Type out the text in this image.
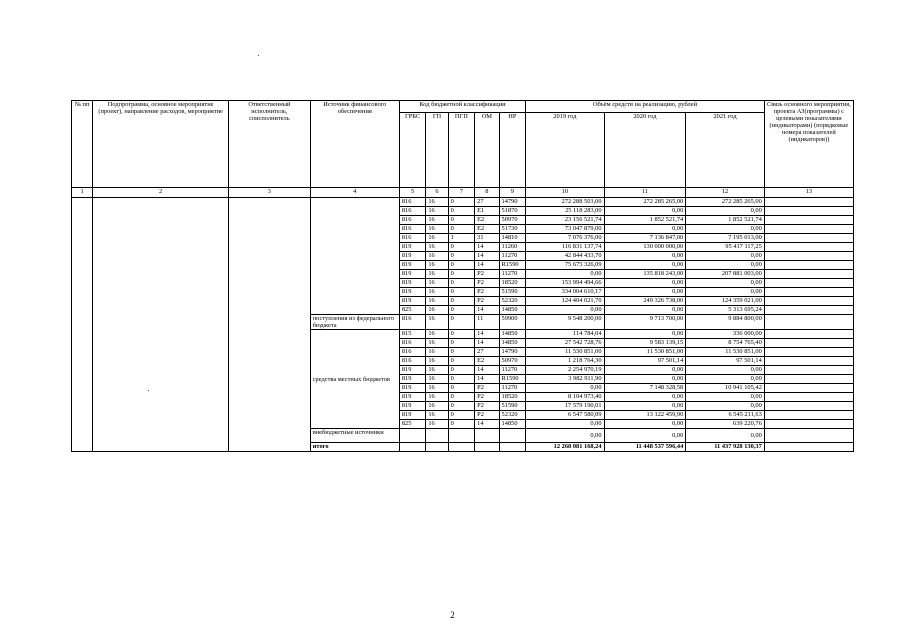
№ пп	Подпрограмма, основное мероприятие (проект), направление расходов, мероприятие	Ответственный исполнитель, соисполнитель	Источник финансового обеспечения	Код бюджетной классификации					Объём средств на реализацию, рублей			Связь основного мероприятия, проекта АЗ(программы) с целевыми показателями (индикаторами) (порядковые номера показателей (индикаторов))
				ГРБС	ГП	ПГП	ОМ	НР	2019 год	2020 год	2021 год	
1	2	3	4	5	6	7	8	9	10	11	12	13
				816	16	0	27	14790	272 288 503,00	272 285 265,00	272 285 265,00	
				816	16	0	E1	51870	25 118 283,00	0,00	0,00	
				816	16	0	E2	50970	23 156 521,74	1 852 521,74	1 852 521,74	
				816	16	0	E2	51730	73 047 879,00	0,00	0,00	
				816	16	1	31	14810	7 076 376,00	7 136 847,00	7 195 013,00	
				819	16	0	14	11260	116 831 137,74	130 000 000,00	95 417 117,25	
				819	16	0	14	11270	42 844 433,70	0,00	0,00	
				819	16	0	14	R1590	75 675 326,09	0,00	0,00	
				819	16	0	P2	11270	0,00	135 818 243,00	207 881 003,00	
				819	16	0	P2	18520	153 994 494,66	0,00	0,00	
				819	16	0	P2	51590	334 004 610,17	0,00	0,00	
				819	16	0	P2	52320	124 404 021,70	249 326 738,00	124 359 021,00	
				825	16	0	14	14850	0,00	0,00	5 313 695,24	
			поступления из федерального бюджета	816	16	0	11	59900	9 548 200,00	9 713 700,00	9 884 800,00	
			средства местных бюджетов	815	16	0	14	14850	114 784,04	0,00	336 000,00	
				816	16	0	14	14850	27 542 728,76	9 583 139,15	8 754 765,40	
				816	16	0	27	14790	11 530 851,00	11 530 851,00	11 530 851,00	
				816	16	0	E2	50970	1 218 764,30	97 501,14	97 501,14	
				819	16	0	14	11270	2 254 970,19	0,00	0,00	
				819	16	0	14	R1590	3 982 911,90	0,00	0,00	
				819	16	0	P2	11270	0,00	7 148 328,58	10 941 105,42	
				819	16	0	P2	18520	8 104 973,40	0,00	0,00	
				819	16	0	P2	51590	17 579 190,01	0,00	0,00	
				819	16	0	P2	52320	6 547 580,09	13 122 459,90	6 545 211,63	
				825	16	0	14	14850	0,00	0,00	639 220,76	
			внебюджетные источники						0,00	0,00	0,00	
			итого						12 268 081 168,24	11 448 537 596,44	11 437 928 130,37	
2
